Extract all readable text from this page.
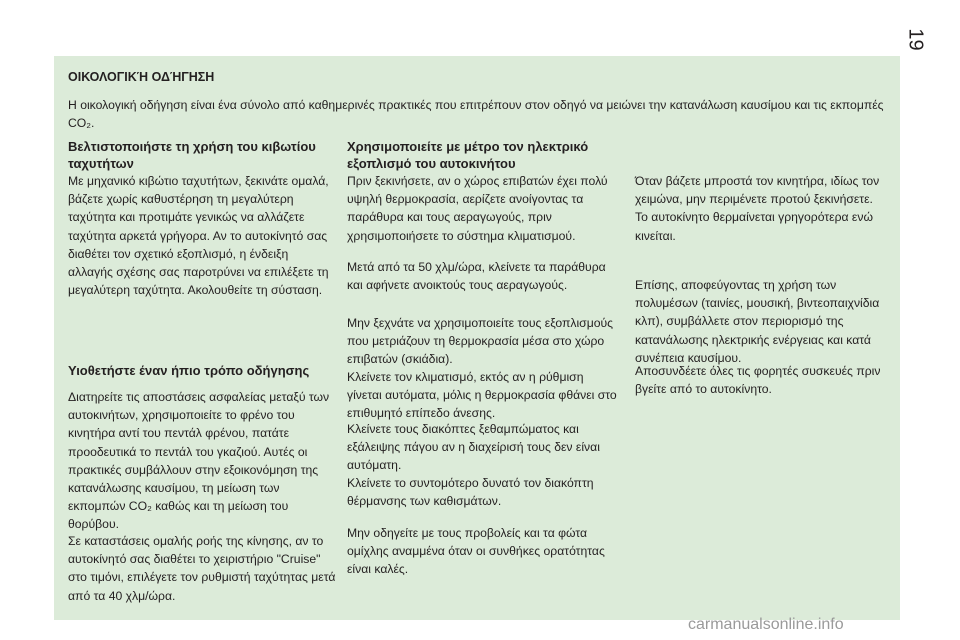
19

ΟΙΚΟΛΟΓΙΚΉ ΟΔΉΓΗΣΗ

Η οικολογική οδήγηση είναι ένα σύνολο από καθημερινές πρακτικές που επιτρέπουν στον οδηγό να μειώνει την κατανάλωση καυσίμου και τις εκπομπές CO₂.

Βελτιστοποιήστε τη χρήση του κιβωτίου ταχυτήτων

Με μηχανικό κιβώτιο ταχυτήτων, ξεκινάτε ομαλά, βάζετε χωρίς καθυστέρηση τη μεγαλύτερη ταχύτητα και προτιμάτε γενικώς να αλλάζετε ταχύτητα αρκετά γρήγορα. Αν το αυτοκίνητό σας διαθέτει τον σχετικό εξοπλισμό, η ένδειξη αλλαγής σχέσης σας παροτρύνει να επιλέξετε τη μεγαλύτερη ταχύτητα. Ακολουθείτε τη σύσταση.

Υιοθετήστε έναν ήπιο τρόπο οδήγησης

Διατηρείτε τις αποστάσεις ασφαλείας μεταξύ των αυτοκινήτων, χρησιμοποιείτε το φρένο του κινητήρα αντί του πεντάλ φρένου, πατάτε προοδευτικά το πεντάλ του γκαζιού. Αυτές οι πρακτικές συμβάλλουν στην εξοικονόμηση της κατανάλωσης καυσίμου, τη μείωση των εκπομπών CO₂ καθώς και τη μείωση του θορύβου.

Σε καταστάσεις ομαλής ροής της κίνησης, αν το αυτοκίνητό σας διαθέτει το χειριστήριο "Cruise" στο τιμόνι, επιλέγετε τον ρυθμιστή ταχύτητας μετά από τα 40 χλμ/ώρα.

Χρησιμοποιείτε με μέτρο τον ηλεκτρικό εξοπλισμό του αυτοκινήτου

Πριν ξεκινήσετε, αν ο χώρος επιβατών έχει πολύ υψηλή θερμοκρασία, αερίζετε ανοίγοντας τα παράθυρα και τους αεραγωγούς, πριν χρησιμοποιήσετε το σύστημα κλιματισμού.

Μετά από τα 50 χλμ/ώρα, κλείνετε τα παράθυρα και αφήνετε ανοικτούς τους αεραγωγούς.

Μην ξεχνάτε να χρησιμοποιείτε τους εξοπλισμούς που μετριάζουν τη θερμοκρασία μέσα στο χώρο επιβατών (σκιάδια).

Κλείνετε τον κλιματισμό, εκτός αν η ρύθμιση γίνεται αυτόματα, μόλις η θερμοκρασία φθάνει στο επιθυμητό επίπεδο άνεσης.

Κλείνετε τους διακόπτες ξεθαμπώματος και εξάλειψης πάγου αν η διαχείρισή τους δεν είναι αυτόματη.

Κλείνετε το συντομότερο δυνατό τον διακόπτη θέρμανσης των καθισμάτων.

Μην οδηγείτε με τους προβολείς και τα φώτα ομίχλης αναμμένα όταν οι συνθήκες ορατότητας είναι καλές.

Όταν βάζετε μπροστά τον κινητήρα, ιδίως τον χειμώνα, μην περιμένετε προτού ξεκινήσετε. Το αυτοκίνητο θερμαίνεται γρηγορότερα ενώ κινείται.

Επίσης, αποφεύγοντας τη χρήση των πολυμέσων (ταινίες, μουσική, βιντεοπαιχνίδια κλπ), συμβάλλετε στον περιορισμό της κατανάλωσης ηλεκτρικής ενέργειας και κατά συνέπεια καυσίμου.

Αποσυνδέετε όλες τις φορητές συσκευές πριν βγείτε από το αυτοκίνητο.

carmanualsonline.info
